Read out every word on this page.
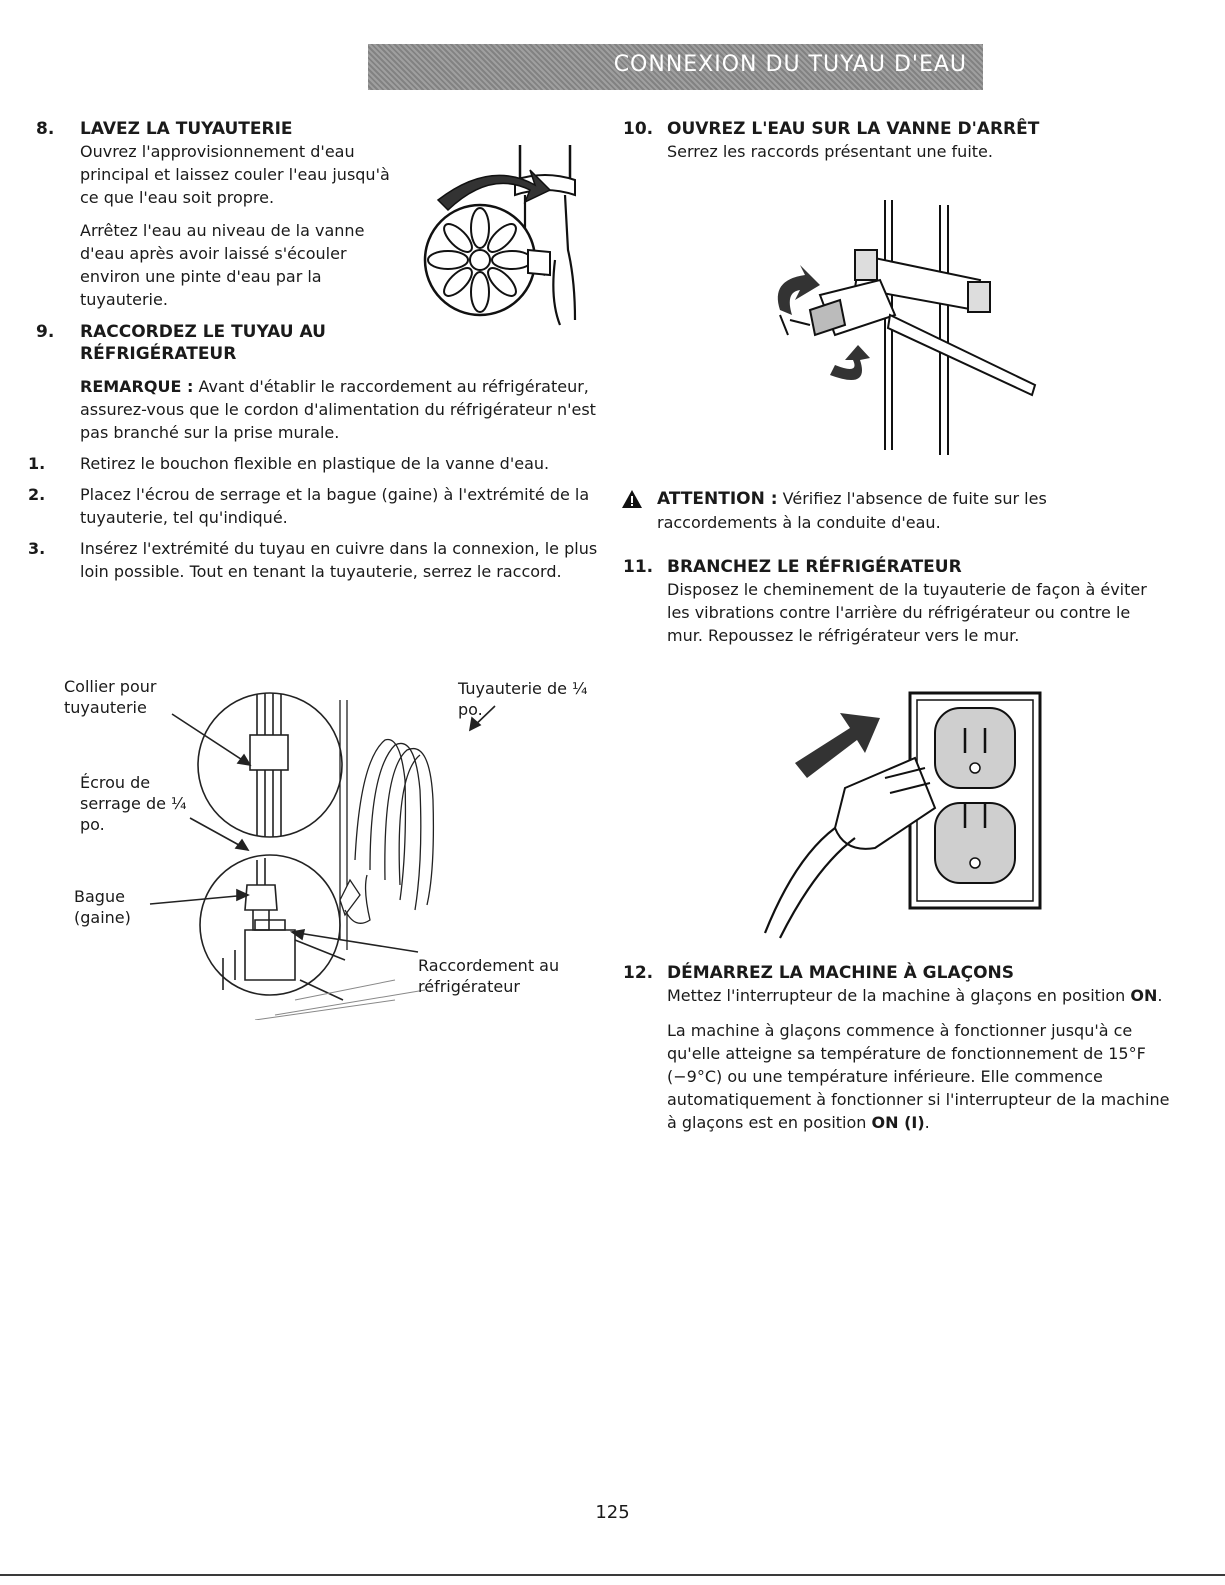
CONNEXION DU TUYAU D'EAU
8.	LAVEZ LA TUYAUTERIE
Ouvrez l'approvisionnement d'eau principal et laissez couler l'eau jusqu'à ce que l'eau soit propre.
Arrêtez l'eau au niveau de la vanne d'eau après avoir laissé s'écouler environ une pinte d'eau par la tuyauterie.
9.	RACCORDEZ LE TUYAU AU RÉFRIGÉRATEUR
REMARQUE : Avant d'établir le raccordement au réfrigérateur, assurez-vous que le cordon d'alimentation du réfrigérateur n'est pas branché sur la prise murale.
1.	Retirez le bouchon flexible en plastique de la vanne d'eau.
2.	Placez l'écrou de serrage et la bague (gaine) à l'extrémité de la tuyauterie, tel qu'indiqué.
3.	Insérez l'extrémité du tuyau en cuivre dans la connexion, le plus loin possible. Tout en tenant la tuyauterie, serrez le raccord.
Collier pour tuyauterie
Écrou de serrage de ¼ po.
Bague (gaine)
Tuyauterie de ¼ po.
Raccordement au réfrigérateur
10. OUVREZ L'EAU SUR LA VANNE D'ARRÊT
Serrez les raccords présentant une fuite.
ATTENTION : Vérifiez l'absence de fuite sur les raccordements à la conduite d'eau.
11. BRANCHEZ LE RÉFRIGÉRATEUR
Disposez le cheminement de la tuyauterie de façon à éviter les vibrations contre l'arrière du réfrigérateur ou contre le mur. Repoussez le réfrigérateur vers le mur.
12. DÉMARREZ LA MACHINE À GLAÇONS
Mettez l'interrupteur de la machine à glaçons en position ON.
La machine à glaçons commence à fonctionner jusqu'à ce qu'elle atteigne sa température de fonctionnement de 15°F (−9°C) ou une température inférieure. Elle commence automatiquement à fonctionner si l'interrupteur de la machine à glaçons est en position ON (I).
125
